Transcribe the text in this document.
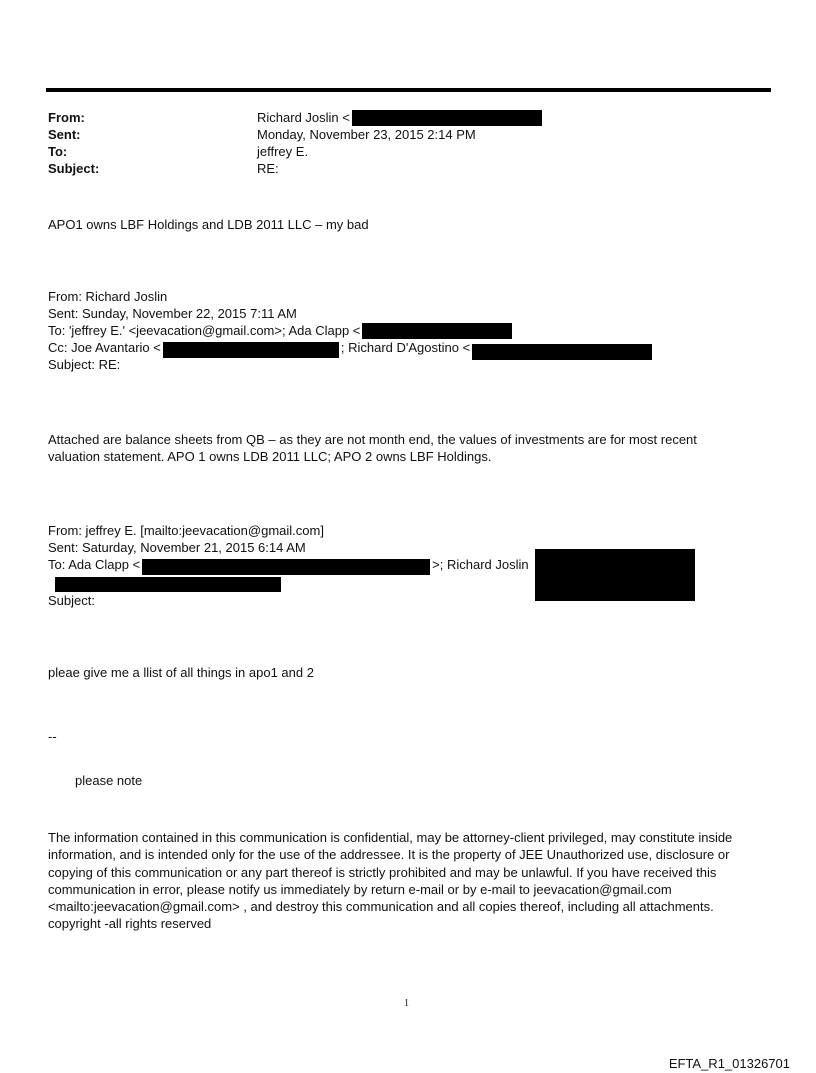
From:	Richard Joslin <
Sent:	Monday, November 23, 2015 2:14 PM
To:	jeffrey E.
Subject:	RE:
APO1 owns LBF Holdings and LDB 2011 LLC – my bad
From: Richard Joslin
Sent: Sunday, November 22, 2015 7:11 AM
To: 'jeffrey E.' <jeevacation@gmail.com>; Ada Clapp <
Cc: Joe Avantario <	; Richard D'Agostino <
Subject: RE:
Attached are balance sheets from QB – as they are not month end, the values of investments are for most recent valuation statement. APO 1 owns LDB 2011 LLC; APO 2 owns LBF Holdings.
From: jeffrey E. [mailto:jeevacation@gmail.com]
Sent: Saturday, November 21, 2015 6:14 AM
To: Ada Clapp <	>; Richard Joslin
Subject:
pleae give me a llist of all things in apo1 and 2
--
please note
The information contained in this communication is confidential, may be attorney-client privileged, may constitute inside information, and is intended only for the use of the addressee. It is the property of JEE Unauthorized use, disclosure or copying of this communication or any part thereof is strictly prohibited and may be unlawful. If you have received this communication in error, please notify us immediately by return e-mail or by e-mail to jeevacation@gmail.com <mailto:jeevacation@gmail.com> , and destroy this communication and all copies thereof, including all attachments. copyright -all rights reserved
1
EFTA_R1_01326701
